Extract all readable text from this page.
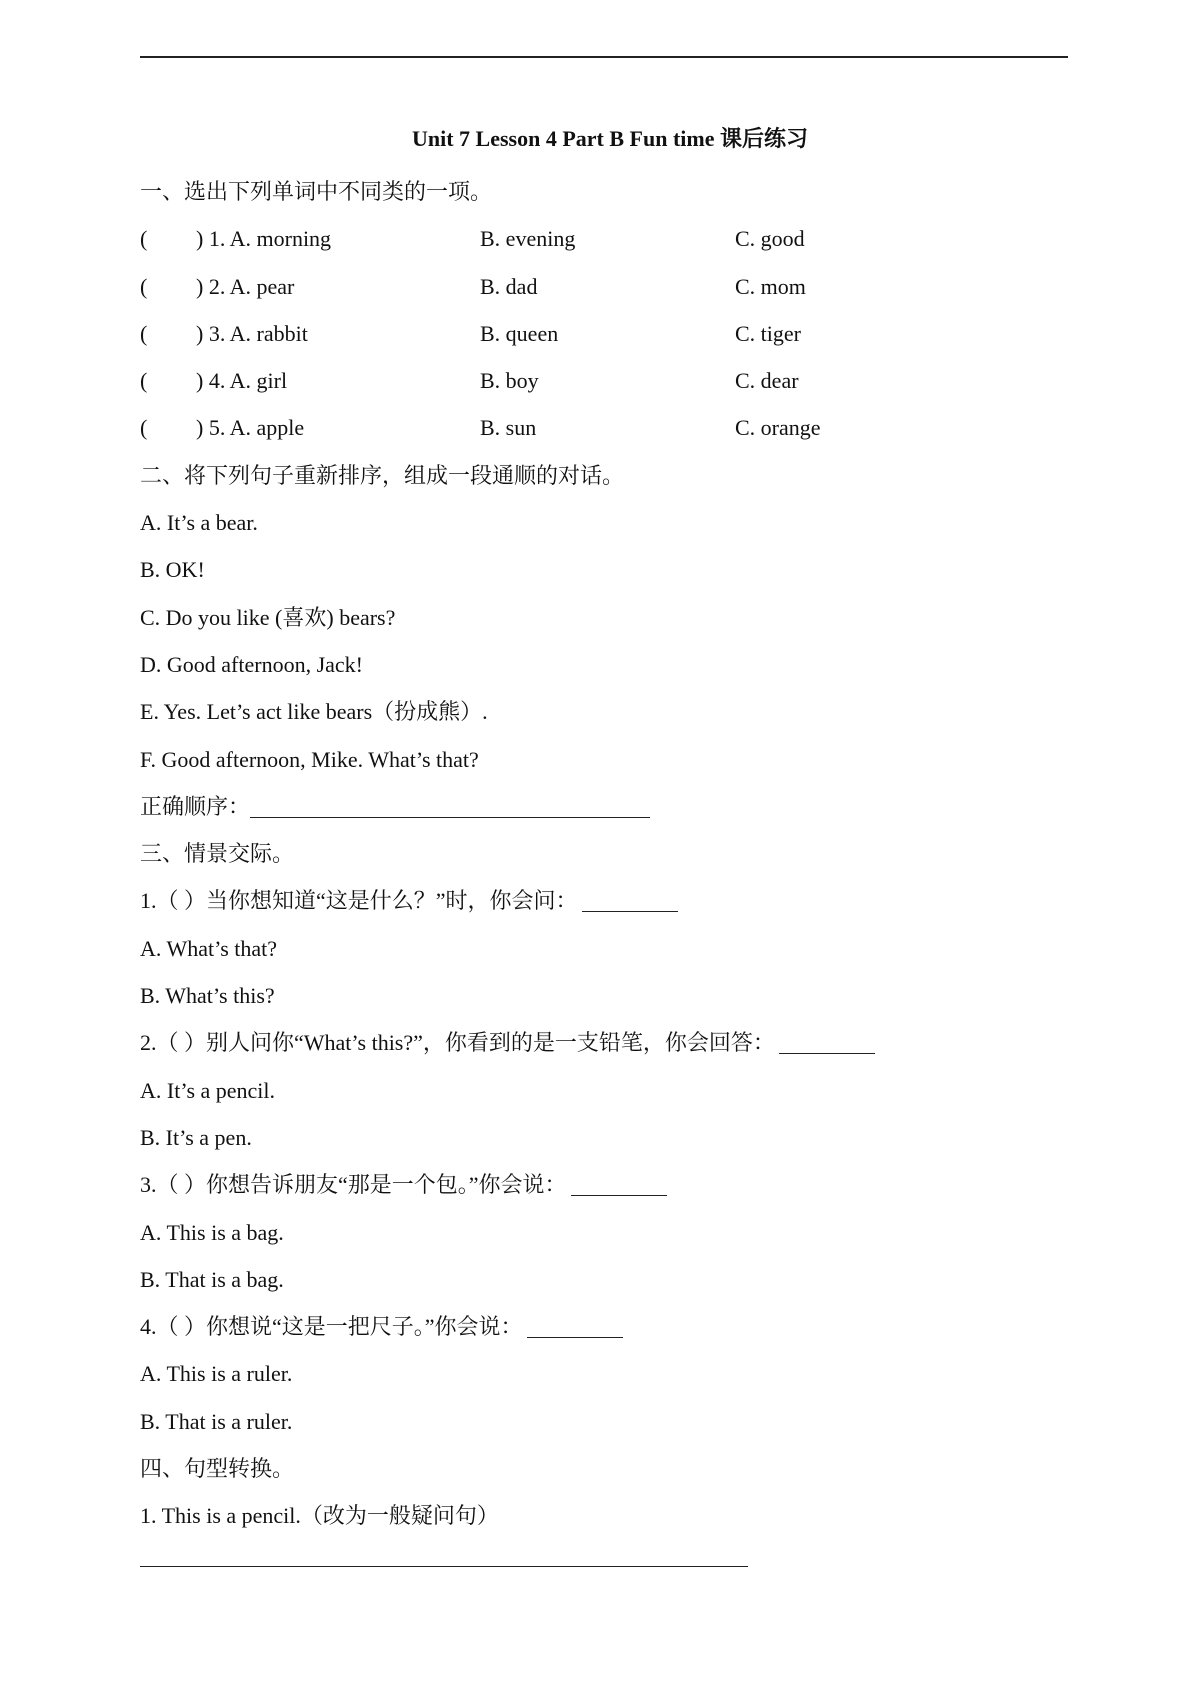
Unit 7 Lesson 4 Part B Fun time 课后练习
一、选出下列单词中不同类的一项。
( ) 1. A. morning	B. evening	C. good
( ) 2. A. pear	B. dad	C. mom
( ) 3. A. rabbit	B. queen	C. tiger
( ) 4. A. girl	B. boy	C. dear
( ) 5. A. apple	B. sun	C. orange
二、将下列句子重新排序，组成一段通顺的对话。
A. It’s a bear.
B. OK!
C. Do you like (喜欢) bears?
D. Good afternoon, Jack!
E. Yes. Let’s act like bears（扮成熊）.
F. Good afternoon, Mike. What’s that?
正确顺序：
三、情景交际。
1.（ ）当你想知道“这是什么？”时，你会问：
A. What’s that?
B. What’s this?
2.（ ）别人问你“What’s this?”，你看到的是一支铅笔，你会回答：
A. It’s a pencil.
B. It’s a pen.
3.（ ）你想告诉朋友“那是一个包。”你会说：
A. This is a bag.
B. That is a bag.
4.（ ）你想说“这是一把尺子。”你会说：
A. This is a ruler.
B. That is a ruler.
四、句型转换。
1. This is a pencil.（改为一般疑问句）
